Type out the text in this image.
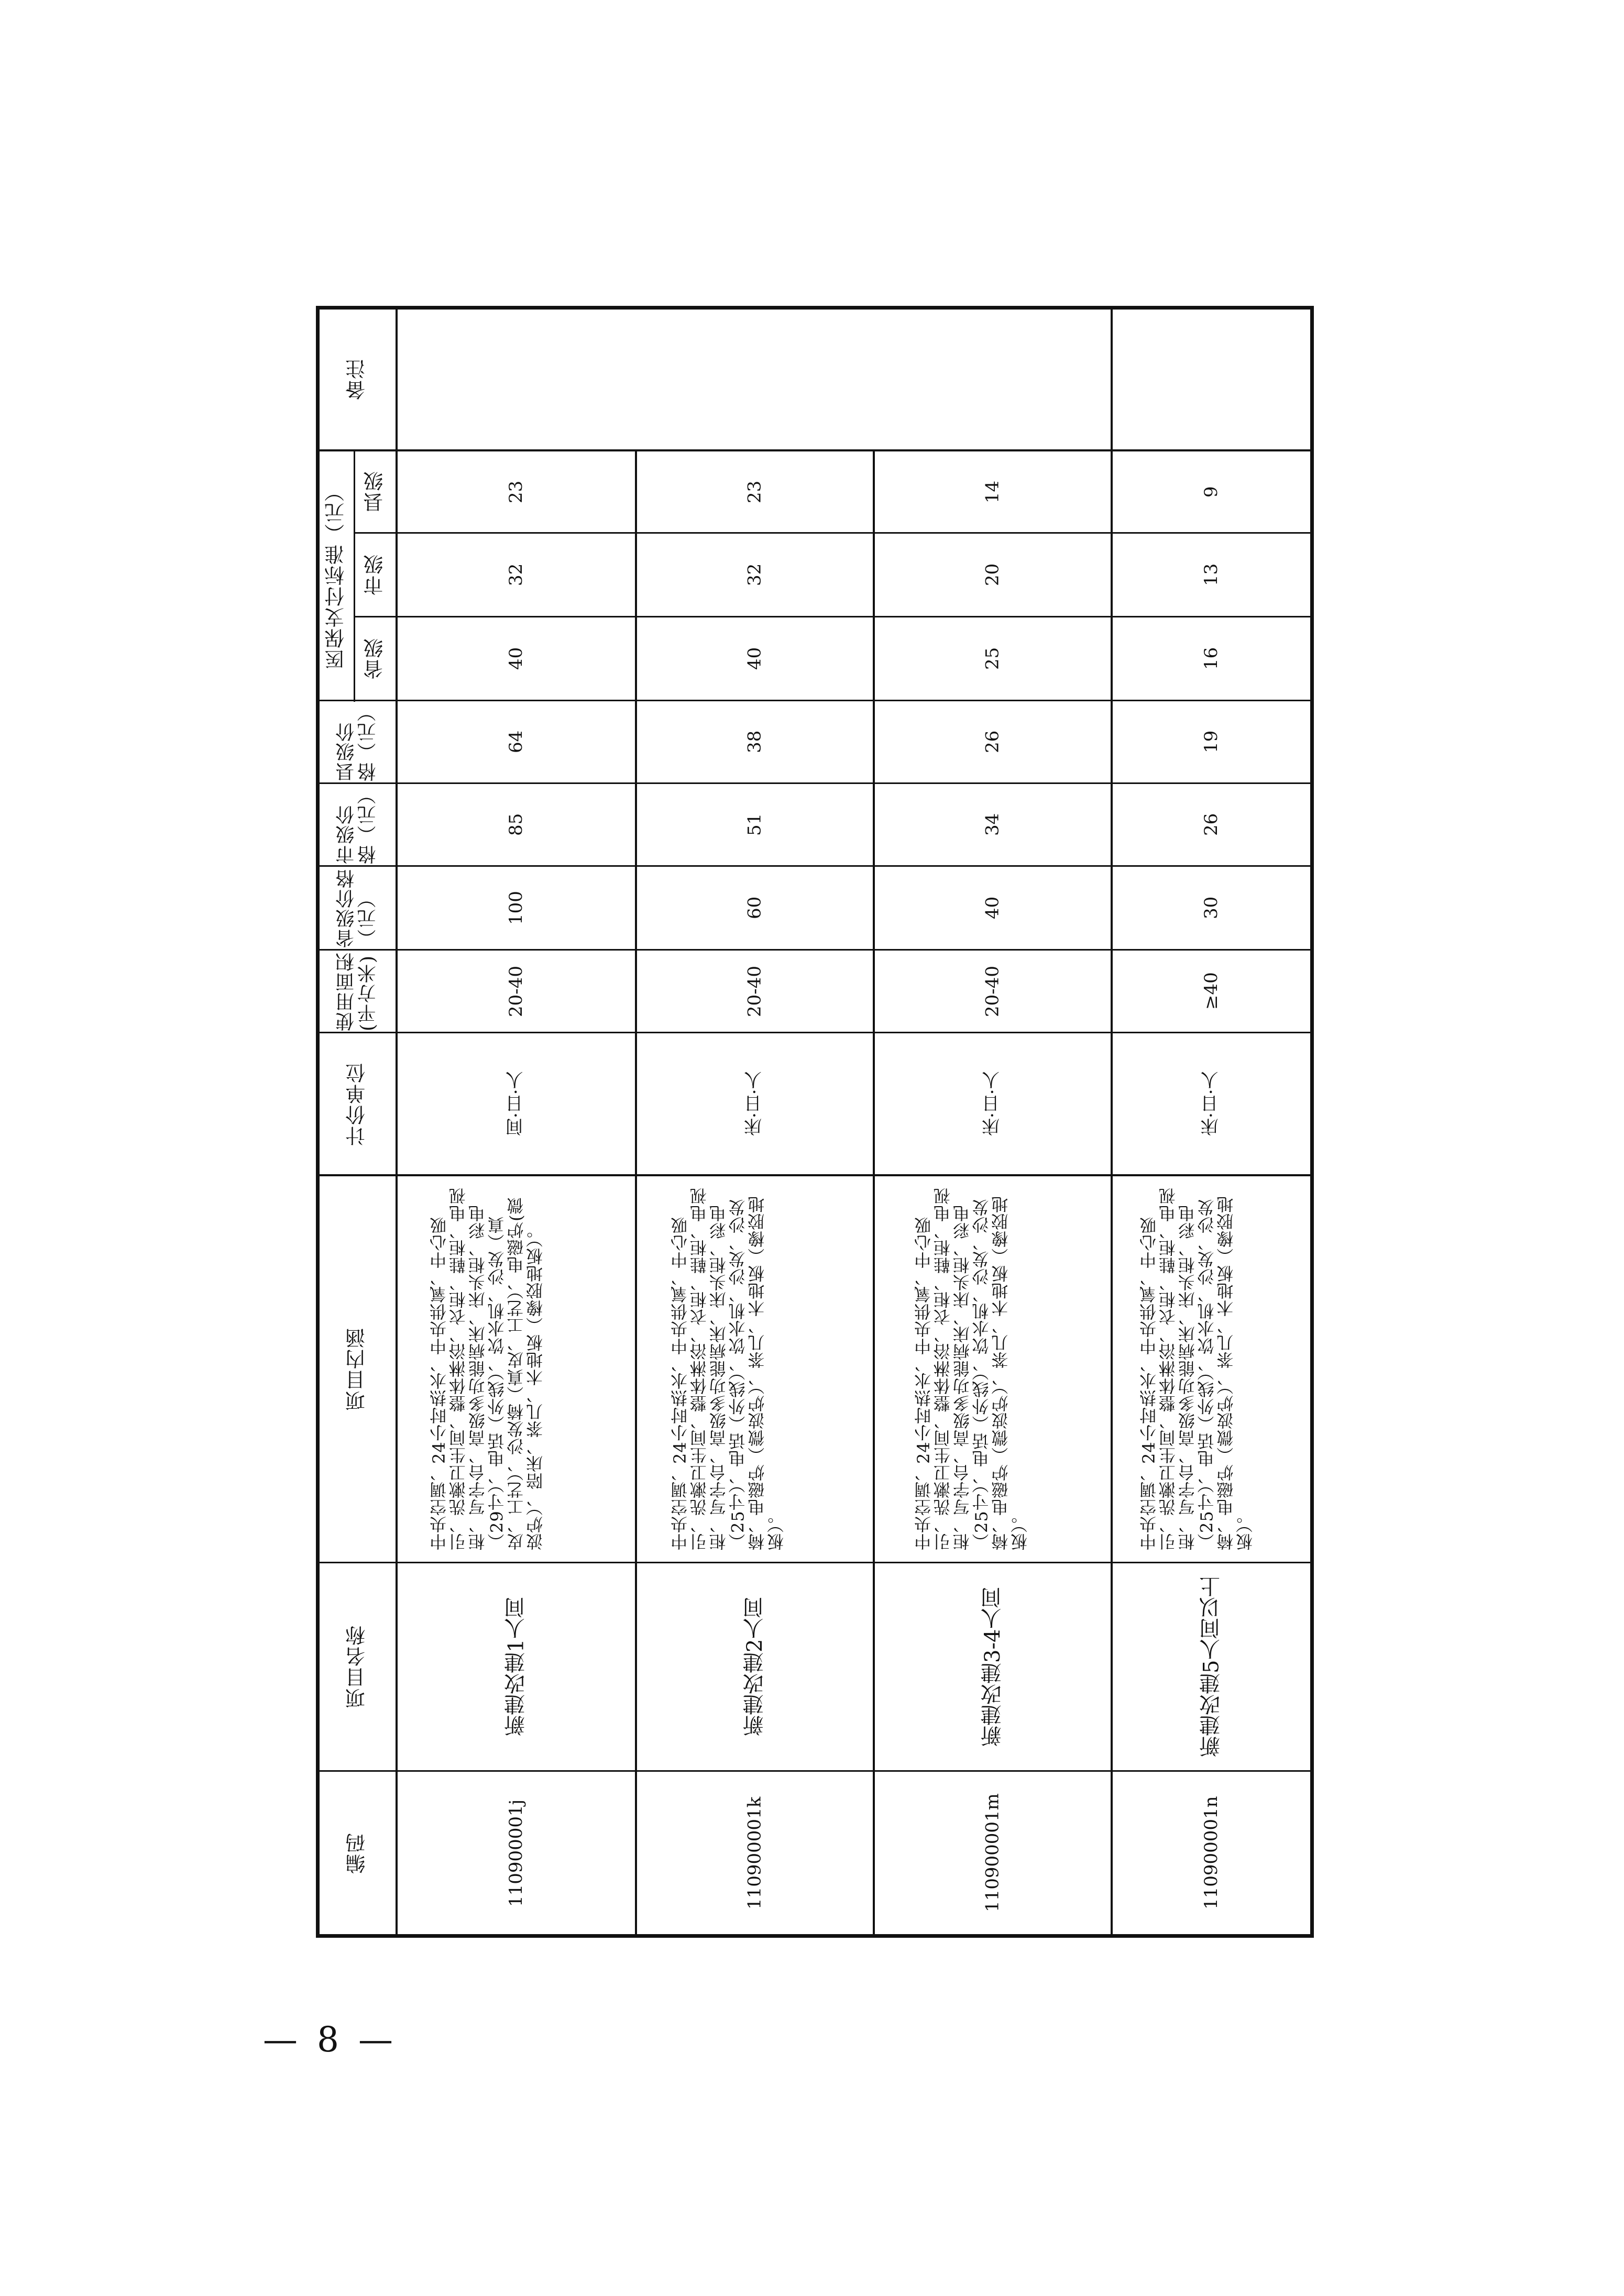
备注
医保支付标准（元） 县级
市级
省级
县级价格（元）
市级价格（元）
省级价格（元）
使用面积(平方米)
计价单位
项目内涵
项目名称
编码
23
32
40
64
85
100
20-40
间·日·人
中央空调、24小时热水、中央供氧、中心吸引、洗漱卫生间、整体淋浴、衣柜、鞋柜、电视柜、写字台、高级多功能病床、床头柜、彩电（29寸）、电话（外线）、饮水机、沙发（真皮、工艺）、沙发椅（真皮、工艺）、电磁炉(微波炉）、陪床、茶几、木地板（橡胶地板）。
新建改建1人间
110900001j
23
32
40
38
51
60
20-40
床·日·人
中央空调、24小时热水、中央供氧、中心吸引、洗漱卫生间、整体淋浴、衣柜、鞋柜、电视柜、写字台、高级多功能病床、床头柜、彩电（25寸）、电话（外线）、饮水机、沙发、沙发椅、电磁炉（微波炉）、茶几、木地板（橡胶地板）。
新建改建2人间
110900001k
14
20
25
26
34
40
20-40
床·日·人
中央空调、24小时热水、中央供氧、中心吸引、洗漱卫生间、整体淋浴、衣柜、鞋柜、电视柜、写字台、高级多功能病床、床头柜、彩电（25寸）、电话（外线）、饮水机、沙发、沙发椅、电磁炉（微波炉）、茶几、木地板（橡胶地板）。
新建改建3-4人间
110900001m
9
13
16
19
26
30
≥40
床·日·人
中央空调、24小时热水、中央供氧、中心吸引、洗漱卫生间、整体淋浴、衣柜、鞋柜、电视柜、写字台、高级多功能病床、床头柜、彩电（25寸）、电话（外线）、饮水机、沙发、沙发椅、电磁炉（微波炉）、茶几、木地板（橡胶地板）。
新建改建5人间以上
110900001n
— 8 —
